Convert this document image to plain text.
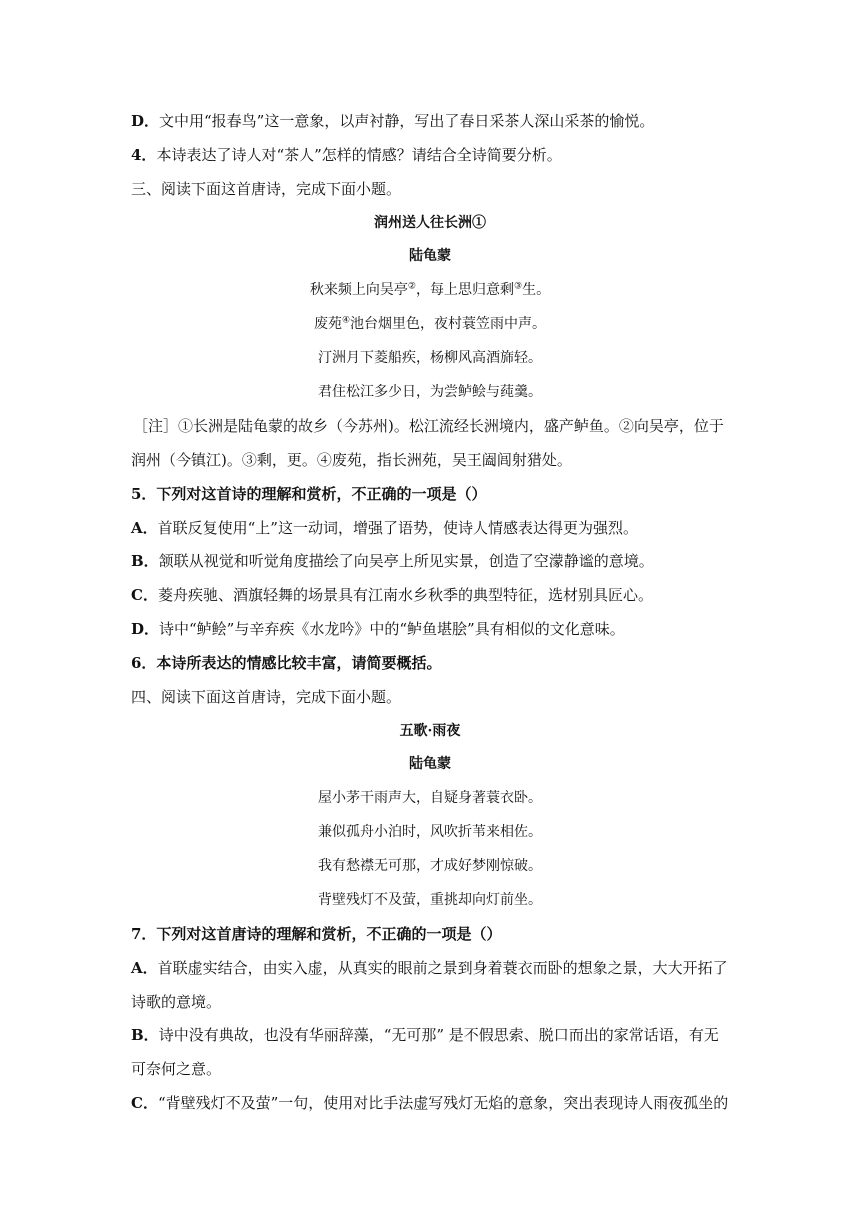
D．文中用“报春鸟”这一意象，以声衬静，写出了春日采茶人深山采茶的愉悦。
4．本诗表达了诗人对“茶人”怎样的情感？请结合全诗简要分析。
三、阅读下面这首唐诗，完成下面小题。
润州送人往长洲①
陆龟蒙
秋来频上向吴亭②，每上思归意剩③生。
废苑④池台烟里色，夜村蓑笠雨中声。
汀洲月下菱船疾，杨柳风高酒旆轻。
君住松江多少日，为尝鲈鲙与莼羹。
［注］①长洲是陆龟蒙的故乡（今苏州)。松江流经长洲境内，盛产鲈鱼。②向吴亭，位于
润州（今镇江)。③剩，更。④废苑，指长洲苑，吴王阖闾射猎处。
5．下列对这首诗的理解和赏析，不正确的一项是（）
A．首联反复使用“上”这一动词，增强了语势，使诗人情感表达得更为强烈。
B．颔联从视觉和听觉角度描绘了向吴亭上所见实景，创造了空濛静谧的意境。
C．菱舟疾驰、酒旗轻舞的场景具有江南水乡秋季的典型特征，选材别具匠心。
D．诗中“鲈鲙”与辛弃疾《水龙吟》中的“鲈鱼堪脍”具有相似的文化意味。
6．本诗所表达的情感比较丰富，请简要概括。
四、阅读下面这首唐诗，完成下面小题。
五歌·雨夜
陆龟蒙
屋小茅干雨声大，自疑身著蓑衣卧。
兼似孤舟小泊时，风吹折苇来相佐。
我有愁襟无可那，才成好梦刚惊破。
背壁残灯不及萤，重挑却向灯前坐。
7．下列对这首唐诗的理解和赏析，不正确的一项是（）
A．首联虚实结合，由实入虚，从真实的眼前之景到身着蓑衣而卧的想象之景，大大开拓了
诗歌的意境。
B．诗中没有典故，也没有华丽辞藻，“无可那” 是不假思索、脱口而出的家常话语，有无
可奈何之意。
C．“背壁残灯不及萤”一句，使用对比手法虚写残灯无焰的意象，突出表现诗人雨夜孤坐的
